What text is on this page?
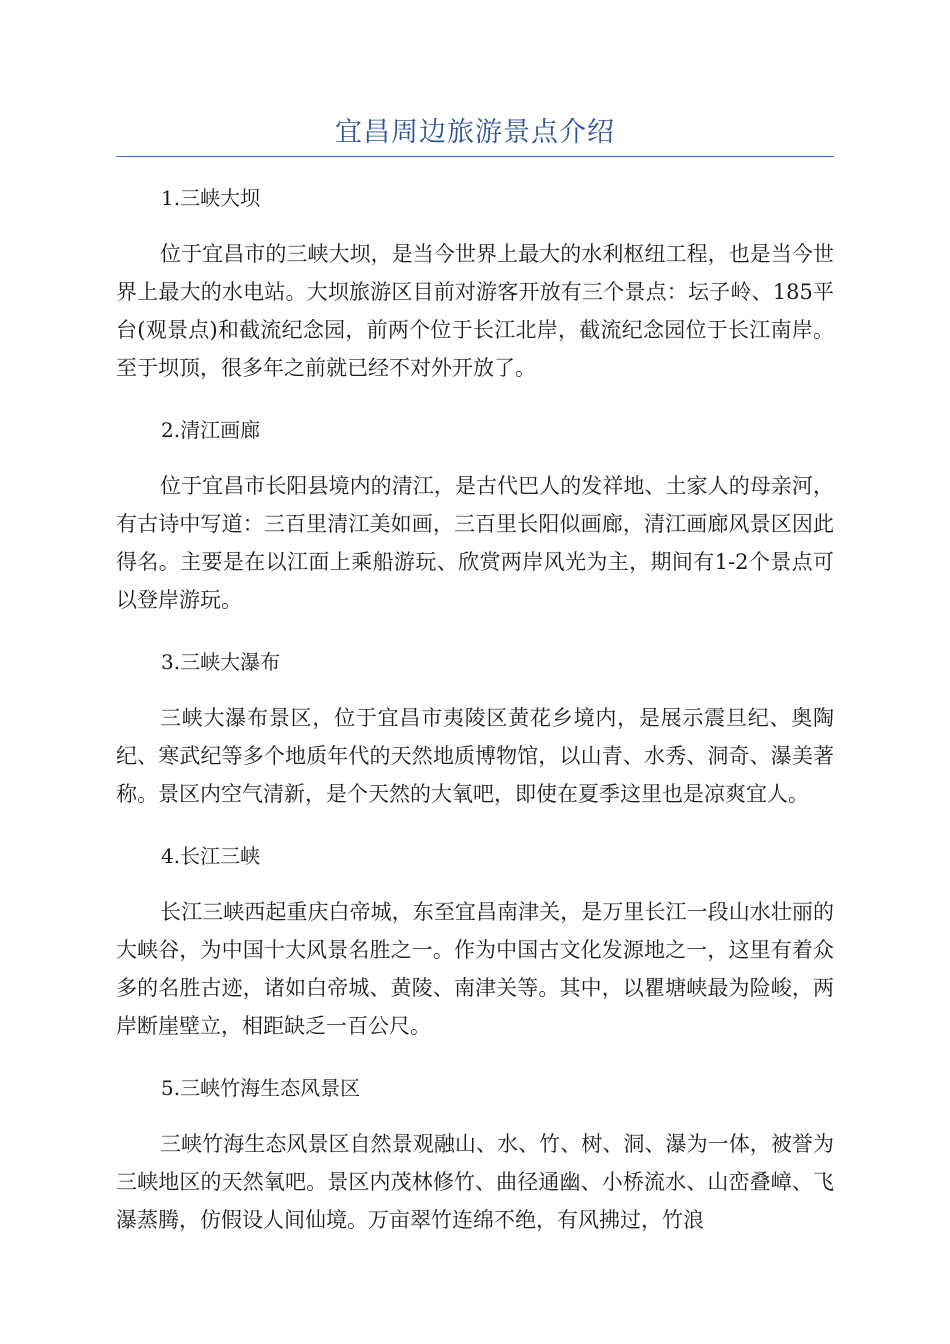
宜昌周边旅游景点介绍

1.三峡大坝

位于宜昌市的三峡大坝，是当今世界上最大的水利枢纽工程，也是当今世界上最大的水电站。大坝旅游区目前对游客开放有三个景点：坛子岭、185平台(观景点)和截流纪念园，前两个位于长江北岸，截流纪念园位于长江南岸。至于坝顶，很多年之前就已经不对外开放了。

2.清江画廊

位于宜昌市长阳县境内的清江，是古代巴人的发祥地、土家人的母亲河，有古诗中写道：三百里清江美如画，三百里长阳似画廊，清江画廊风景区因此得名。主要是在以江面上乘船游玩、欣赏两岸风光为主，期间有1-2个景点可以登岸游玩。

3.三峡大瀑布

三峡大瀑布景区，位于宜昌市夷陵区黄花乡境内，是展示震旦纪、奥陶纪、寒武纪等多个地质年代的天然地质博物馆，以山青、水秀、洞奇、瀑美著称。景区内空气清新，是个天然的大氧吧，即使在夏季这里也是凉爽宜人。

4.长江三峡

长江三峡西起重庆白帝城，东至宜昌南津关，是万里长江一段山水壮丽的大峡谷，为中国十大风景名胜之一。作为中国古文化发源地之一，这里有着众多的名胜古迹，诸如白帝城、黄陵、南津关等。其中，以瞿塘峡最为险峻，两岸断崖壁立，相距缺乏一百公尺。

5.三峡竹海生态风景区

三峡竹海生态风景区自然景观融山、水、竹、树、洞、瀑为一体，被誉为三峡地区的天然氧吧。景区内茂林修竹、曲径通幽、小桥流水、山峦叠嶂、飞瀑蒸腾，仿假设人间仙境。万亩翠竹连绵不绝，有风拂过，竹浪
